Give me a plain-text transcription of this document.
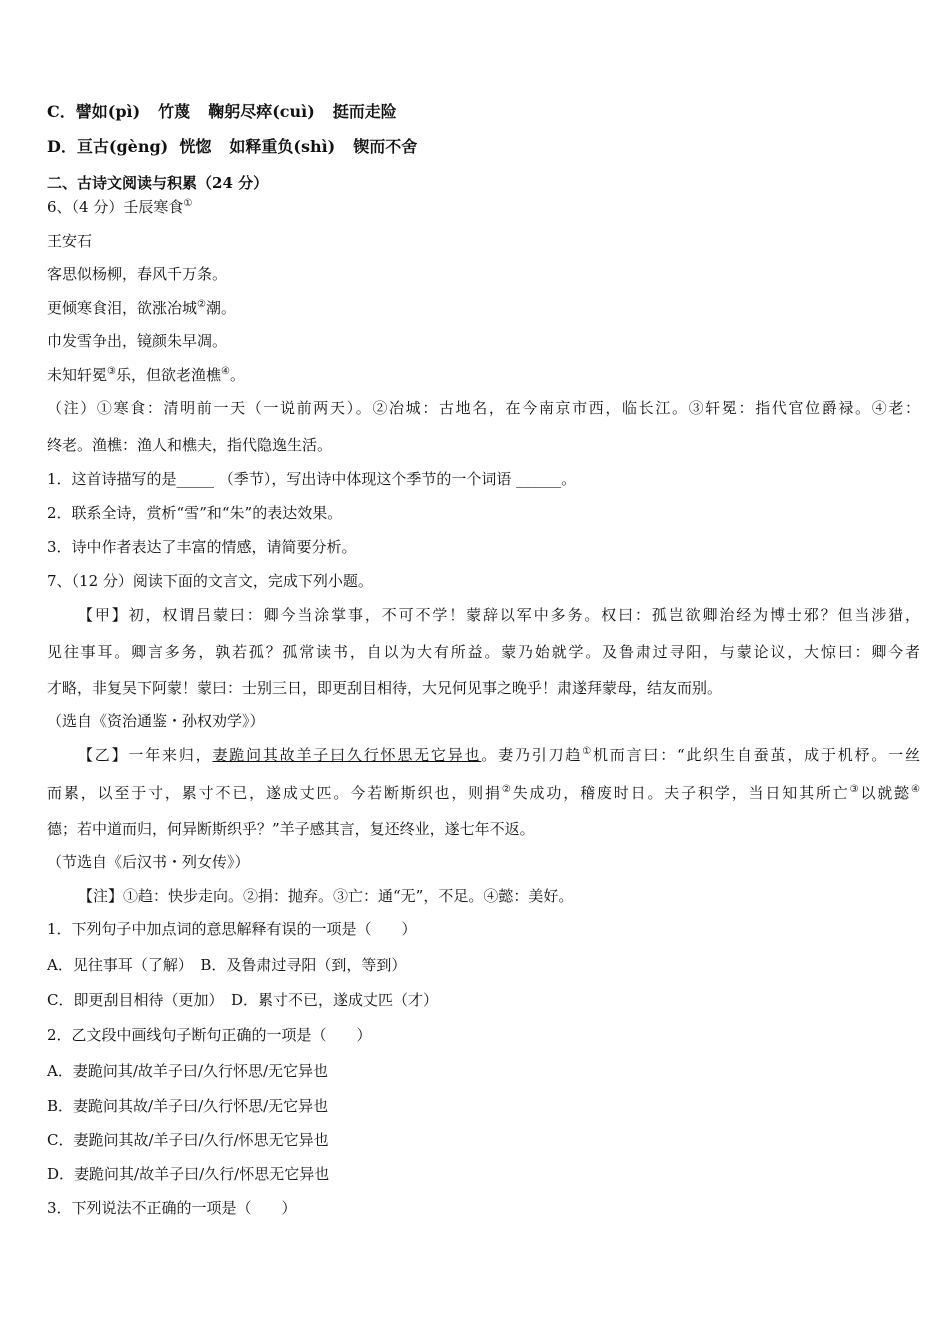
C．譬如(pì) 竹蔑 鞠躬尽瘁(cuì) 挺而走险
D．亘古(gèng) 恍惚 如释重负(shì) 锲而不舍
二、古诗文阅读与积累（24 分）
6、（4 分）壬辰寒食①
王安石
客思似杨柳，春风千万条。
更倾寒食泪，欲涨冶城②潮。
巾发雪争出，镜颜朱早凋。
未知轩冕③乐，但欲老渔樵④。
（注）①寒食：清明前一天（一说前两天）。②冶城：古地名，在今南京市西，临长江。③轩冕：指代官位爵禄。④老：
终老。渔樵：渔人和樵夫，指代隐逸生活。
1．这首诗描写的是_____ （季节），写出诗中体现这个季节的一个词语 ______。
2．联系全诗，赏析“雪”和“朱”的表达效果。
3．诗中作者表达了丰富的情感，请简要分析。
7、（12 分）阅读下面的文言文，完成下列小题。
【甲】初，权谓吕蒙曰：卿今当涂掌事，不可不学！蒙辞以军中多务。权曰：孤岂欲卿治经为博士邪？但当涉猎，
见往事耳。卿言多务，孰若孤？孤常读书，自以为大有所益。蒙乃始就学。及鲁肃过寻阳，与蒙论议，大惊曰：卿今者
才略，非复吴下阿蒙！蒙曰：士别三日，即更刮目相待，大兄何见事之晚乎！肃遂拜蒙母，结友而别。
（选自《资治通鉴・孙权劝学》）
【乙】一年来归，妻跪问其故羊子曰久行怀思无它异也。妻乃引刀趋①机而言曰：“此织生自蚕茧，成于机杼。一丝
而累，以至于寸，累寸不已，遂成丈匹。今若断斯织也，则捐②失成功，稽废时日。夫子积学，当日知其所亡③以就懿④
德；若中道而归，何异断斯织乎？”羊子感其言，复还终业，遂七年不返。
（节选自《后汉书・列女传》）
【注】①趋：快步走向。②捐：抛弃。③亡：通“无”，不足。④懿：美好。
1．下列句子中加点词的意思解释有误的一项是（　　）
A．见往事耳（了解）　B．及鲁肃过寻阳（到，等到）
C．即更刮目相待（更加）　D．累寸不已，遂成丈匹（才）
2．乙文段中画线句子断句正确的一项是（　　）
A．妻跪问其/故羊子曰/久行怀思/无它异也
B．妻跪问其故/羊子曰/久行怀思/无它异也
C．妻跪问其故/羊子曰/久行/怀思无它异也
D．妻跪问其/故羊子曰/久行/怀思无它异也
3．下列说法不正确的一项是（　　）
